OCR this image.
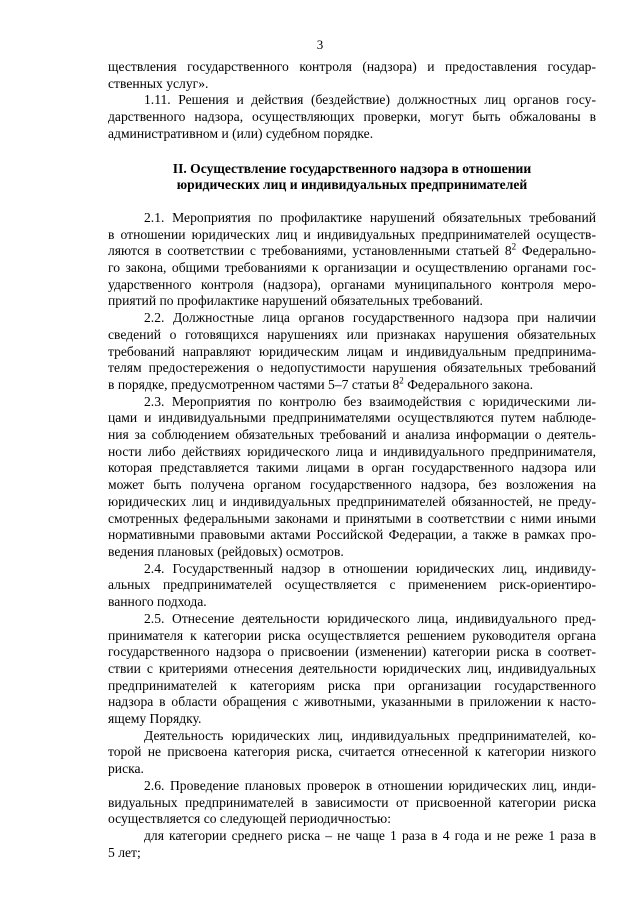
3
ществления государственного контроля (надзора) и предоставления государ-
ственных услуг».
1.11. Решения и действия (бездействие) должностных лиц органов госу-
дарственного надзора, осуществляющих проверки, могут быть обжалованы в
административном и (или) судебном порядке.
II. Осуществление государственного надзора в отношении
юридических лиц и индивидуальных предпринимателей
2.1. Мероприятия по профилактике нарушений обязательных требований
в отношении юридических лиц и индивидуальных предпринимателей осуществ-
ляются в соответствии с требованиями, установленными статьей $8^2$ Федерально-
го закона, общими требованиями к организации и осуществлению органами гос-
ударственного контроля (надзора), органами муниципального контроля меро-
приятий по профилактике нарушений обязательных требований.
2.2. Должностные лица органов государственного надзора при наличии
сведений о готовящихся нарушениях или признаках нарушения обязательных
требований направляют юридическим лицам и индивидуальным предпринима-
телям предостережения о недопустимости нарушения обязательных требований
в порядке, предусмотренном частями 5–7 статьи $8^2$ Федерального закона.
2.3. Мероприятия по контролю без взаимодействия с юридическими ли-
цами и индивидуальными предпринимателями осуществляются путем наблюде-
ния за соблюдением обязательных требований и анализа информации о деятель-
ности либо действиях юридического лица и индивидуального предпринимателя,
которая представляется такими лицами в орган государственного надзора или
может быть получена органом государственного надзора, без возложения на
юридических лиц и индивидуальных предпринимателей обязанностей, не преду-
смотренных федеральными законами и принятыми в соответствии с ними иными
нормативными правовыми актами Российской Федерации, а также в рамках про-
ведения плановых (рейдовых) осмотров.
2.4. Государственный надзор в отношении юридических лиц, индивиду-
альных предпринимателей осуществляется с применением риск-ориентиро-
ванного подхода.
2.5. Отнесение деятельности юридического лица, индивидуального пред-
принимателя к категории риска осуществляется решением руководителя органа
государственного надзора о присвоении (изменении) категории риска в соответ-
ствии с критериями отнесения деятельности юридических лиц, индивидуальных
предпринимателей к категориям риска при организации государственного
надзора в области обращения с животными, указанными в приложении к насто-
ящему Порядку.
Деятельность юридических лиц, индивидуальных предпринимателей, ко-
торой не присвоена категория риска, считается отнесенной к категории низкого
риска.
2.6. Проведение плановых проверок в отношении юридических лиц, инди-
видуальных предпринимателей в зависимости от присвоенной категории риска
осуществляется со следующей периодичностью:
для категории среднего риска – не чаще 1 раза в 4 года и не реже 1 раза в
5 лет;
